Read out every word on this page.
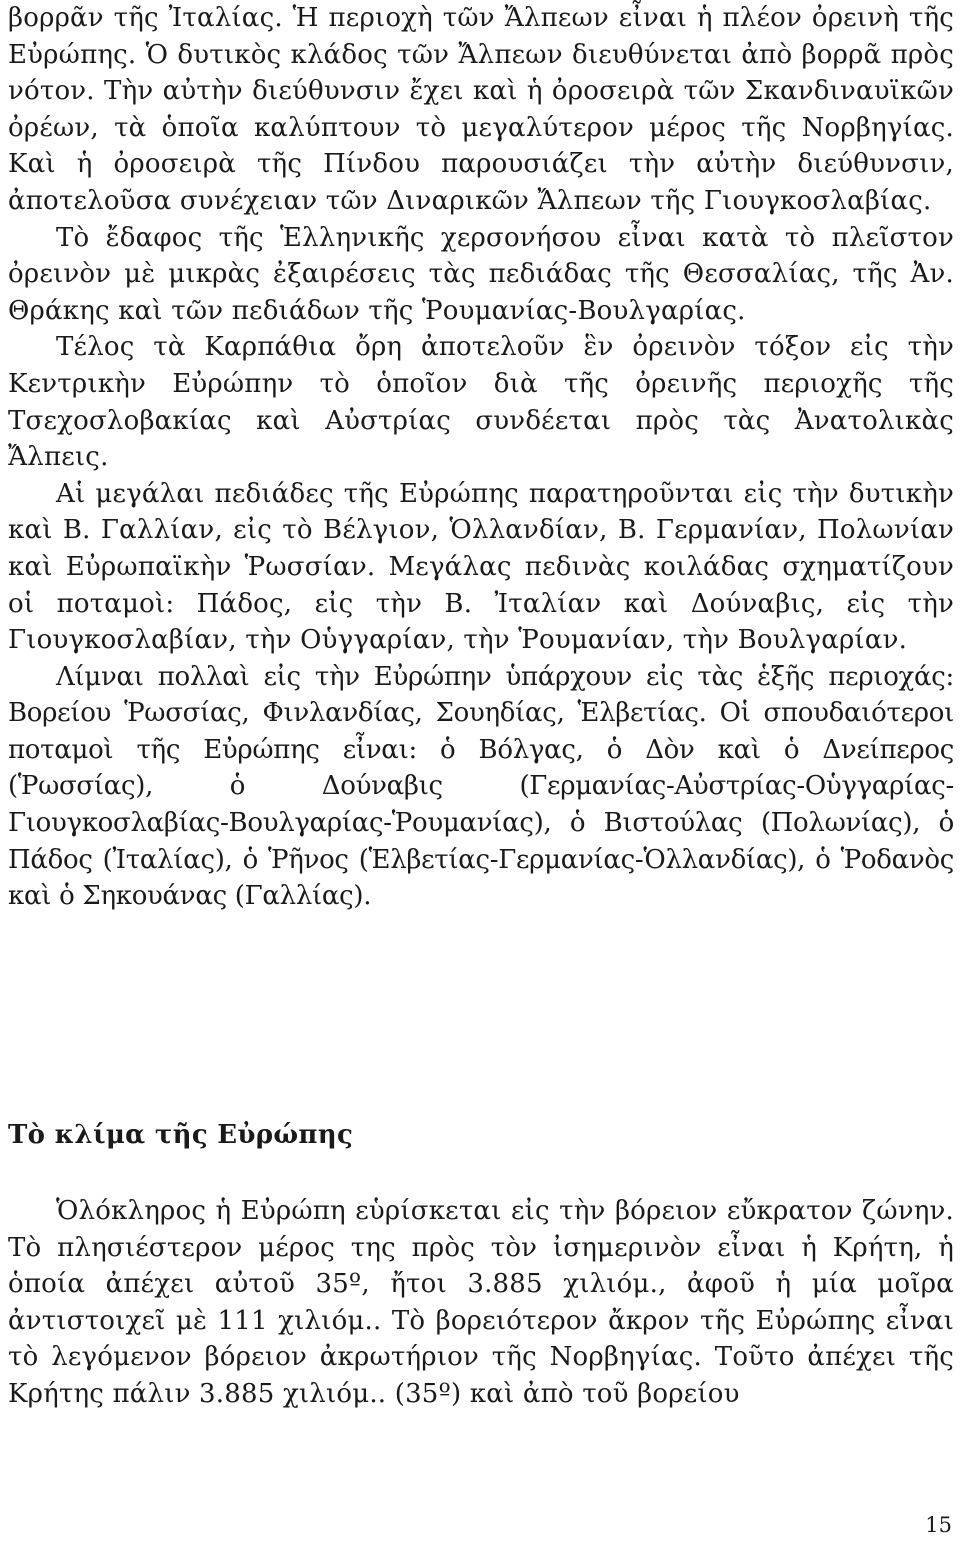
βορρᾶν τῆς Ἰταλίας. Ἡ περιοχὴ τῶν Ἄλπεων εἶναι ἡ πλέον ὀρεινὴ τῆς Εὐρώπης. Ὁ δυτικὸς κλάδος τῶν Ἄλπεων διευθύνεται ἀπὸ βορρᾶ πρὸς νότον. Τὴν αὐτὴν διεύθυνσιν ἔχει καὶ ἡ ὀροσειρὰ τῶν Σκανδιναυϊκῶν ὀρέων, τὰ ὁποῖα καλύπτουν τὸ μεγαλύτερον μέρος τῆς Νορβηγίας. Καὶ ἡ ὀροσειρὰ τῆς Πίνδου παρουσιάζει τὴν αὐτὴν διεύθυνσιν, ἀποτελοῦσα συνέχειαν τῶν Διναρικῶν Ἄλπεων τῆς Γιουγκοσλαβίας.

Τὸ ἔδαφος τῆς Ἑλληνικῆς χερσονήσου εἶναι κατὰ τὸ πλεῖστον ὀρεινὸν μὲ μικρὰς ἐξαιρέσεις τὰς πεδιάδας τῆς Θεσσαλίας, τῆς Ἀν. Θράκης καὶ τῶν πεδιάδων τῆς Ῥουμανίας-Βουλγαρίας.

Τέλος τὰ Καρπάθια ὄρη ἀποτελοῦν ἓν ὀρεινὸν τόξον εἰς τὴν Κεντρικὴν Εὐρώπην τὸ ὁποῖον διὰ τῆς ὀρεινῆς περιοχῆς τῆς Τσεχοσλοβακίας καὶ Αὐστρίας συνδέεται πρὸς τὰς Ἀνατολικὰς Ἄλπεις.

Αἱ μεγάλαι πεδιάδες τῆς Εὐρώπης παρατηροῦνται εἰς τὴν δυτικὴν καὶ Β. Γαλλίαν, εἰς τὸ Βέλγιον, Ὁλλανδίαν, Β. Γερμανίαν, Πολωνίαν καὶ Εὐρωπαϊκὴν Ῥωσσίαν. Μεγάλας πεδινὰς κοιλάδας σχηματίζουν οἱ ποταμοὶ: Πάδος, εἰς τὴν Β. Ἰταλίαν καὶ Δούναβις, εἰς τὴν Γιουγκοσλαβίαν, τὴν Οὑγγαρίαν, τὴν Ῥουμανίαν, τὴν Βουλγαρίαν.

Λίμναι πολλαὶ εἰς τὴν Εὐρώπην ὑπάρχουν εἰς τὰς ἑξῆς περιοχάς: Βορείου Ῥωσσίας, Φινλανδίας, Σουηδίας, Ἑλβετίας. Οἱ σπουδαιότεροι ποταμοὶ τῆς Εὐρώπης εἶναι: ὁ Βόλγας, ὁ Δὸν καὶ ὁ Δνείπερος (Ῥωσσίας), ὁ Δούναβις (Γερμανίας-Αὐστρίας-Οὑγγαρίας-Γιουγκοσλαβίας-Βουλγαρίας-Ῥουμανίας), ὁ Βιστούλας (Πολωνίας), ὁ Πάδος (Ἰταλίας), ὁ Ῥῆνος (Ἑλβετίας-Γερμανίας-Ὁλλανδίας), ὁ Ῥοδανὸς καὶ ὁ Σηκουάνας (Γαλλίας).

Τὸ κλίμα τῆς Εὐρώπης

Ὁλόκληρος ἡ Εὐρώπη εὑρίσκεται εἰς τὴν βόρειον εὔκρατον ζώνην. Τὸ πλησιέστερον μέρος της πρὸς τὸν ἰσημερινὸν εἶναι ἡ Κρήτη, ἡ ὁποία ἀπέχει αὐτοῦ 35º, ἤτοι 3.885 χιλιόμ., ἀφοῦ ἡ μία μοῖρα ἀντιστοιχεῖ μὲ 111 χιλιόμ.. Τὸ βορειότερον ἄκρον τῆς Εὐρώπης εἶναι τὸ λεγόμενον βόρειον ἀκρωτήριον τῆς Νορβηγίας. Τοῦτο ἀπέχει τῆς Κρήτης πάλιν 3.885 χιλιόμ.. (35º) καὶ ἀπὸ τοῦ βορείου

15
